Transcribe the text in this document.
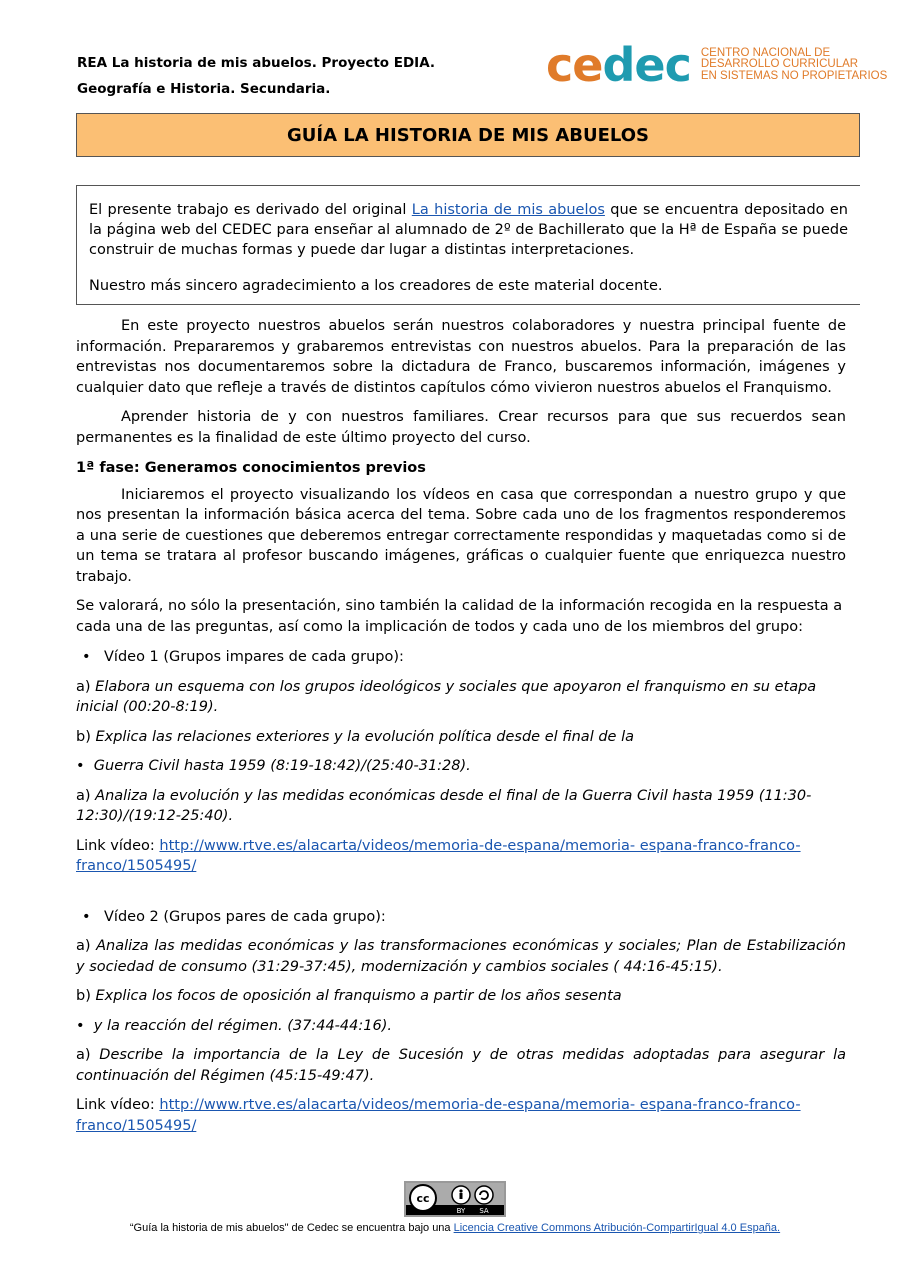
REA La historia de mis abuelos. Proyecto EDIA.
Geografía e Historia. Secundaria.	cedec CENTRO NACIONAL DE
DESARROLLO CURRICULAR
EN SISTEMAS NO PROPIETARIOS
GUÍA LA HISTORIA DE MIS ABUELOS

El presente trabajo es derivado del original La historia de mis abuelos que se encuentra depositado en la página web del CEDEC para enseñar al alumnado de 2º de Bachillerato que la Hª de España se puede construir de muchas formas y puede dar lugar a distintas interpretaciones.

Nuestro más sincero agradecimiento a los creadores de este material docente.

En este proyecto nuestros abuelos serán nuestros colaboradores y nuestra principal fuente de información. Prepararemos y grabaremos entrevistas con nuestros abuelos. Para la preparación de las entrevistas nos documentaremos sobre la dictadura de Franco, buscaremos información, imágenes y cualquier dato que refleje a través de distintos capítulos cómo vivieron nuestros abuelos el Franquismo.

Aprender historia de y con nuestros familiares. Crear recursos para que sus recuerdos sean permanentes es la finalidad de este último proyecto del curso.

1ª fase: Generamos conocimientos previos

Iniciaremos el proyecto visualizando los vídeos en casa que correspondan a nuestro grupo y que nos presentan la información básica acerca del tema. Sobre cada uno de los fragmentos responderemos a una serie de cuestiones que deberemos entregar correctamente respondidas y maquetadas como si de un tema se tratara al profesor buscando imágenes, gráficas o cualquier fuente que enriquezca nuestro trabajo.

Se valorará, no sólo la presentación, sino también la calidad de la información recogida en la respuesta a cada una de las preguntas, así como la implicación de todos y cada uno de los miembros del grupo:

• Vídeo 1 (Grupos impares de cada grupo):

a) Elabora un esquema con los grupos ideológicos y sociales que apoyaron el franquismo en su etapa inicial (00:20-8:19).

b) Explica las relaciones exteriores y la evolución política desde el final de la

• Guerra Civil hasta 1959 (8:19-18:42)/(25:40-31:28).

a) Analiza la evolución y las medidas económicas desde el final de la Guerra Civil hasta 1959 (11:30-12:30)/(19:12-25:40).

Link vídeo: http://www.rtve.es/alacarta/videos/memoria-de-espana/memoria- espana-franco-franco-franco/1505495/

• Vídeo 2 (Grupos pares de cada grupo):

a) Analiza las medidas económicas y las transformaciones económicas y sociales; Plan de Estabilización y sociedad de consumo (31:29-37:45), modernización y cambios sociales ( 44:16-45:15).

b) Explica los focos de oposición al franquismo a partir de los años sesenta

• y la reacción del régimen. (37:44-44:16).

a) Describe la importancia de la Ley de Sucesión y de otras medidas adoptadas para asegurar la continuación del Régimen (45:15-49:47).

Link vídeo: http://www.rtve.es/alacarta/videos/memoria-de-espana/memoria- espana-franco-franco-franco/1505495/

cc
BY SA
“Guía la historia de mis abuelos" de Cedec se encuentra bajo una Licencia Creative Commons Atribución-CompartirIgual 4.0 España.
